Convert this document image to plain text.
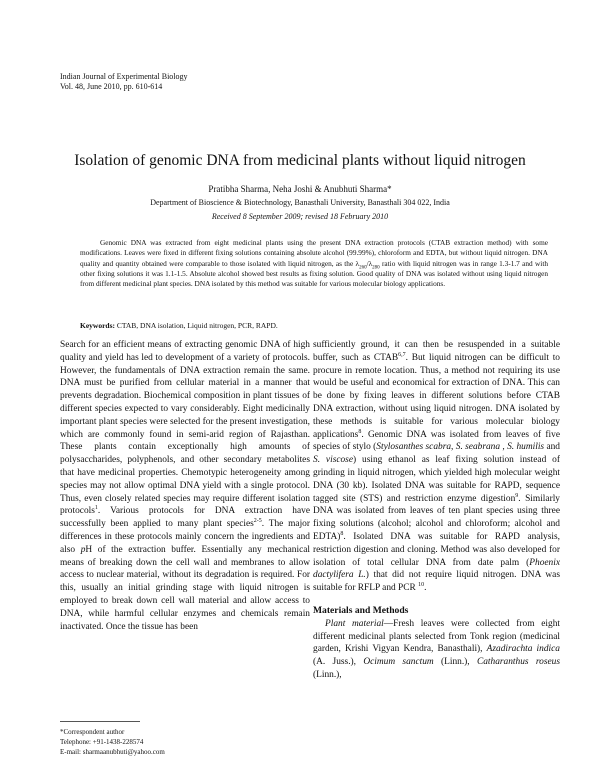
Indian Journal of Experimental Biology
Vol. 48, June 2010, pp. 610-614
Isolation of genomic DNA from medicinal plants without liquid nitrogen
Pratibha Sharma, Neha Joshi & Anubhuti Sharma*
Department of Bioscience & Biotechnology, Banasthali University, Banasthali 304 022, India
Received 8 September 2009; revised 18 February 2010

Genomic DNA was extracted from eight medicinal plants using the present DNA extraction protocols (CTAB extraction method) with some modifications. Leaves were fixed in different fixing solutions containing absolute alcohol (99.99%), chloroform and EDTA, but without liquid nitrogen. DNA quality and quantity obtained were comparable to those isolated with liquid nitrogen, as the $\lambda_{260}/\lambda_{280}$ ratio with liquid nitrogen was in range 1.3-1.7 and with other fixing solutions it was 1.1-1.5. Absolute alcohol showed best results as fixing solution. Good quality of DNA was isolated without using liquid nitrogen from different medicinal plant species. DNA isolated by this method was suitable for various molecular biology applications.

Keywords: CTAB, DNA isolation, Liquid nitrogen, PCR, RAPD.

Search for an efficient means of extracting genomic DNA of high quality and yield has led to development of a variety of protocols. However, the fundamentals of DNA extraction remain the same. DNA must be purified from cellular material in a manner that prevents degradation. Biochemical composition in plant tissues of different species expected to vary considerably. Eight medicinally important plant species were selected for the present investigation, which are commonly found in semi-arid region of Rajasthan. These plants contain exceptionally high amounts of polysaccharides, polyphenols, and other secondary metabolites that have medicinal properties. Chemotypic heterogeneity among species may not allow optimal DNA yield with a single protocol. Thus, even closely related species may require different isolation protocols$^1$. Various protocols for DNA extraction have successfully been applied to many plant species$^{2-5}$. The major differences in these protocols mainly concern the ingredients and also pH of the extraction buffer. Essentially any mechanical means of breaking down the cell wall and membranes to allow access to nuclear material, without its degradation is required. For this, usually an initial grinding stage with liquid nitrogen is employed to break down cell wall material and allow access to DNA, while harmful cellular enzymes and chemicals remain inactivated. Once the tissue has been

sufficiently ground, it can then be resuspended in a suitable buffer, such as CTAB$^{6,7}$. But liquid nitrogen can be difficult to procure in remote location. Thus, a method not requiring its use would be useful and economical for extraction of DNA. This can be done by fixing leaves in different solutions before CTAB DNA extraction, without using liquid nitrogen. DNA isolated by these methods is suitable for various molecular biology applications$^8$. Genomic DNA was isolated from leaves of five species of stylo (Stylosanthes scabra, S. seabrana , S. humilis and S. viscose) using ethanol as leaf fixing solution instead of grinding in liquid nitrogen, which yielded high molecular weight DNA (30 kb). Isolated DNA was suitable for RAPD, sequence tagged site (STS) and restriction enzyme digestion$^9$. Similarly DNA was isolated from leaves of ten plant species using three fixing solutions (alcohol; alcohol and chloroform; alcohol and EDTA)$^8$. Isolated DNA was suitable for RAPD analysis, restriction digestion and cloning. Method was also developed for isolation of total cellular DNA from date palm (Phoenix dactylifera L.) that did not require liquid nitrogen. DNA was suitable for RFLP and PCR $^{10}$.

Materials and Methods

Plant material—Fresh leaves were collected from eight different medicinal plants selected from Tonk region (medicinal garden, Krishi Vigyan Kendra, Banasthali), Azadirachta indica (A. Juss.), Ocimum sanctum (Linn.), Catharanthus roseus (Linn.),

*Correspondent author
Telephone: +91-1438-228574
E-mail: sharmaanubhuti@yahoo.com
